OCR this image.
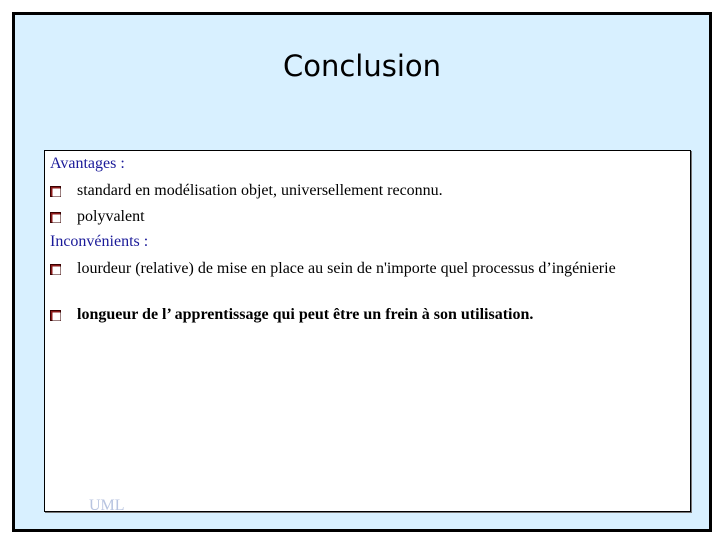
Conclusion
Avantages :
standard en modélisation objet, universellement reconnu.
polyvalent
Inconvénients :
lourdeur (relative) de mise en place au sein de n'importe quel processus d’ingénierie
longueur de l’ apprentissage qui peut être un frein à son utilisation.
UML
